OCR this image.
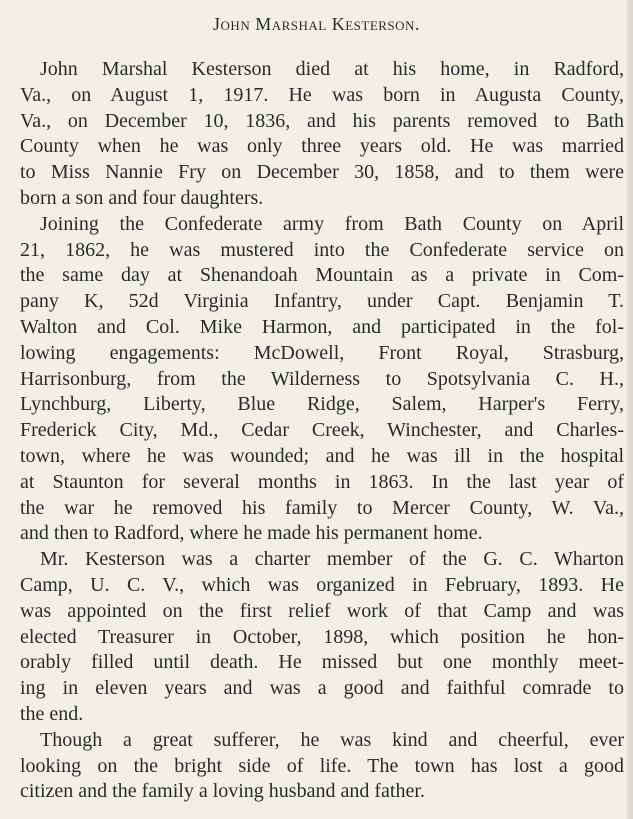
John Marshal Kesterson.
John Marshal Kesterson died at his home, in Radford,
Va., on August 1, 1917. He was born in Augusta County,
Va., on December 10, 1836, and his parents removed to Bath
County when he was only three years old. He was married
to Miss Nannie Fry on December 30, 1858, and to them were
born a son and four daughters.
Joining the Confederate army from Bath County on April
21, 1862, he was mustered into the Confederate service on
the same day at Shenandoah Mountain as a private in Com-
pany K, 52d Virginia Infantry, under Capt. Benjamin T.
Walton and Col. Mike Harmon, and participated in the fol-
lowing engagements: McDowell, Front Royal, Strasburg,
Harrisonburg, from the Wilderness to Spotsylvania C. H.,
Lynchburg, Liberty, Blue Ridge, Salem, Harper's Ferry,
Frederick City, Md., Cedar Creek, Winchester, and Charles-
town, where he was wounded; and he was ill in the hospital
at Staunton for several months in 1863. In the last year of
the war he removed his family to Mercer County, W. Va.,
and then to Radford, where he made his permanent home.
Mr. Kesterson was a charter member of the G. C. Wharton
Camp, U. C. V., which was organized in February, 1893. He
was appointed on the first relief work of that Camp and was
elected Treasurer in October, 1898, which position he hon-
orably filled until death. He missed but one monthly meet-
ing in eleven years and was a good and faithful comrade to
the end.
Though a great sufferer, he was kind and cheerful, ever
looking on the bright side of life. The town has lost a good
citizen and the family a loving husband and father.
